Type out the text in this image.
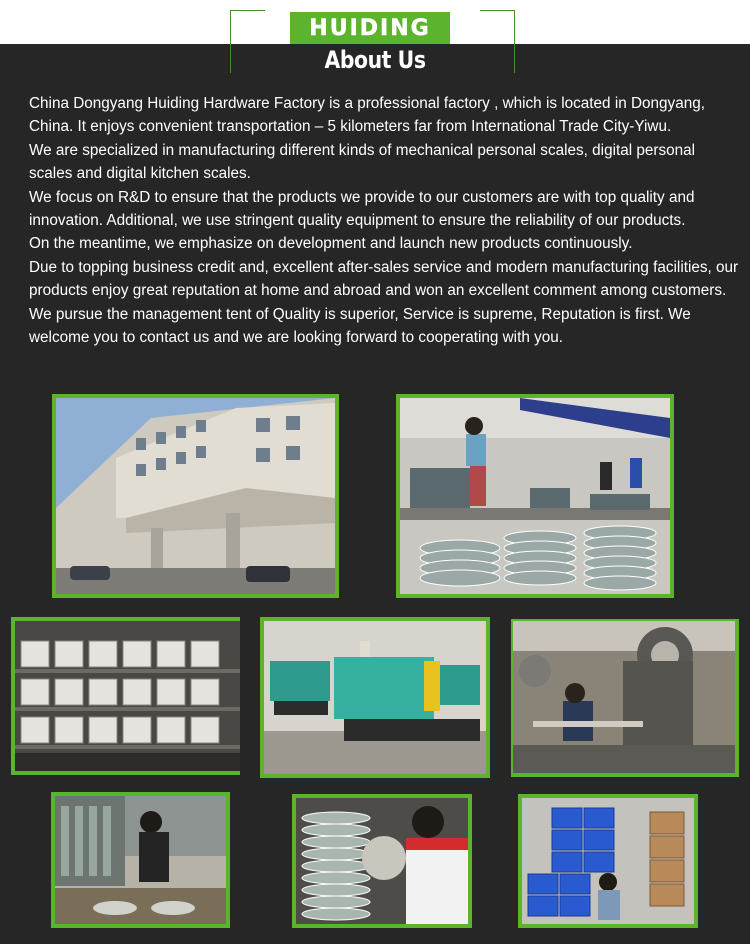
HUIDING
About Us

China Dongyang Huiding Hardware Factory is a professional factory , which is located in Dongyang, China. It enjoys convenient transportation – 5 kilometers far from International Trade City-Yiwu.

We are specialized in manufacturing different kinds of mechanical personal scales, digital personal scales and digital kitchen scales.

We focus on R&D to ensure that the products we provide to our customers are with top quality and innovation. Additional, we use stringent quality equipment to ensure the reliability of our products.

On the meantime, we emphasize on development and launch new products continuously.

Due to topping business credit and, excellent after-sales service and modern manufacturing facilities, our products enjoy great reputation at home and abroad and won an excellent comment among customers.

We pursue the management tent of Quality is superior, Service is supreme, Reputation is first. We welcome you to contact us and we are looking forward to cooperating with you.
